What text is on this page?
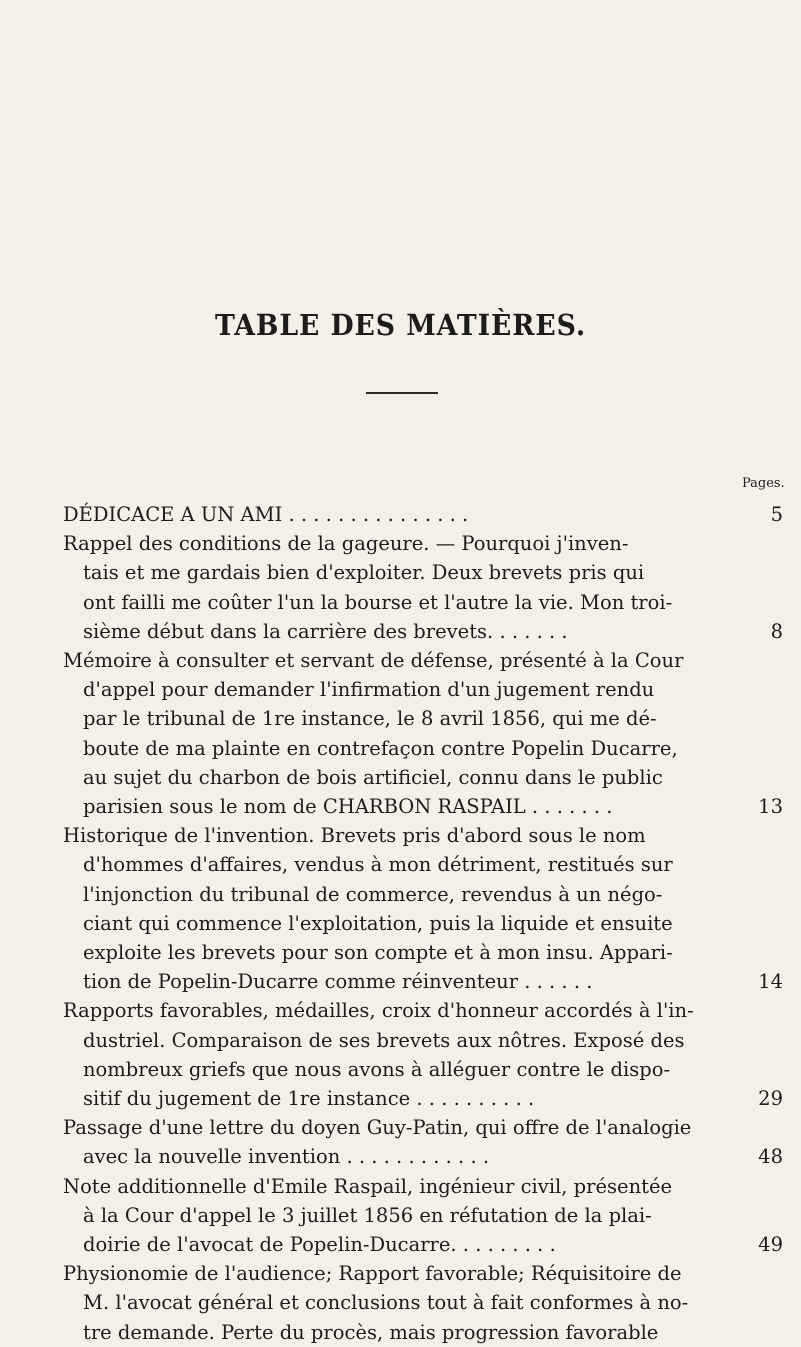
TABLE DES MATIÈRES.
Pages.
DÉDICACE A UN AMI . . . . . . . . . . . . . . .	5
Rappel des conditions de la gageure. — Pourquoi j'inven-
tais et me gardais bien d'exploiter. Deux brevets pris qui
ont failli me coûter l'un la bourse et l'autre la vie. Mon troi-
sième début dans la carrière des brevets. . . . . . .	8
Mémoire à consulter et servant de défense, présenté à la Cour
d'appel pour demander l'infirmation d'un jugement rendu
par le tribunal de 1re instance, le 8 avril 1856, qui me dé-
boute de ma plainte en contrefaçon contre Popelin Ducarre,
au sujet du charbon de bois artificiel, connu dans le public
parisien sous le nom de CHARBON RASPAIL . . . . . . .	13
Historique de l'invention. Brevets pris d'abord sous le nom
d'hommes d'affaires, vendus à mon détriment, restitués sur
l'injonction du tribunal de commerce, revendus à un négo-
ciant qui commence l'exploitation, puis la liquide et ensuite
exploite les brevets pour son compte et à mon insu. Appari-
tion de Popelin-Ducarre comme réinventeur . . . . . .	14
Rapports favorables, médailles, croix d'honneur accordés à l'in-
dustriel. Comparaison de ses brevets aux nôtres. Exposé des
nombreux griefs que nous avons à alléguer contre le dispo-
sitif du jugement de 1re instance . . . . . . . . . .	29
Passage d'une lettre du doyen Guy-Patin, qui offre de l'analogie
avec la nouvelle invention . . . . . . . . . . . .	48
Note additionnelle d'Emile Raspail, ingénieur civil, présentée
à la Cour d'appel le 3 juillet 1856 en réfutation de la plai-
doirie de l'avocat de Popelin-Ducarre. . . . . . . . .	49
Physionomie de l'audience; Rapport favorable; Réquisitoire de
M. l'avocat général et conclusions tout à fait conformes à no-
tre demande. Perte du procès, mais progression favorable
